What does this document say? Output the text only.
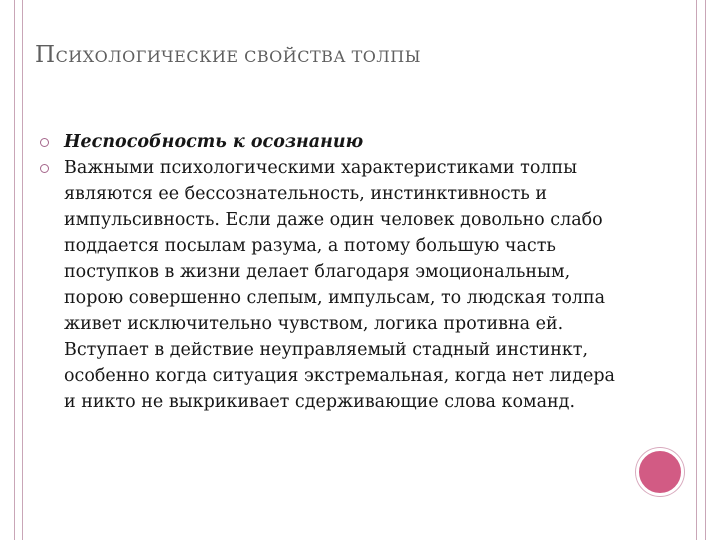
ПСИХОЛОГИЧЕСКИЕ СВОЙСТВА ТОЛПЫ
Неспособность к осознанию
Важными психологическими характеристиками толпы являются ее бессознательность, инстинктивность и импульсивность. Если даже один человек довольно слабо поддается посылам разума, а потому большую часть поступков в жизни делает благодаря эмоциональным, порою совершенно слепым, импульсам, то людская толпа живет исключительно чувством, логика противна ей. Вступает в действие неуправляемый стадный инстинкт, особенно когда ситуация экстремальная, когда нет лидера и никто не выкрикивает сдерживающие слова команд.
